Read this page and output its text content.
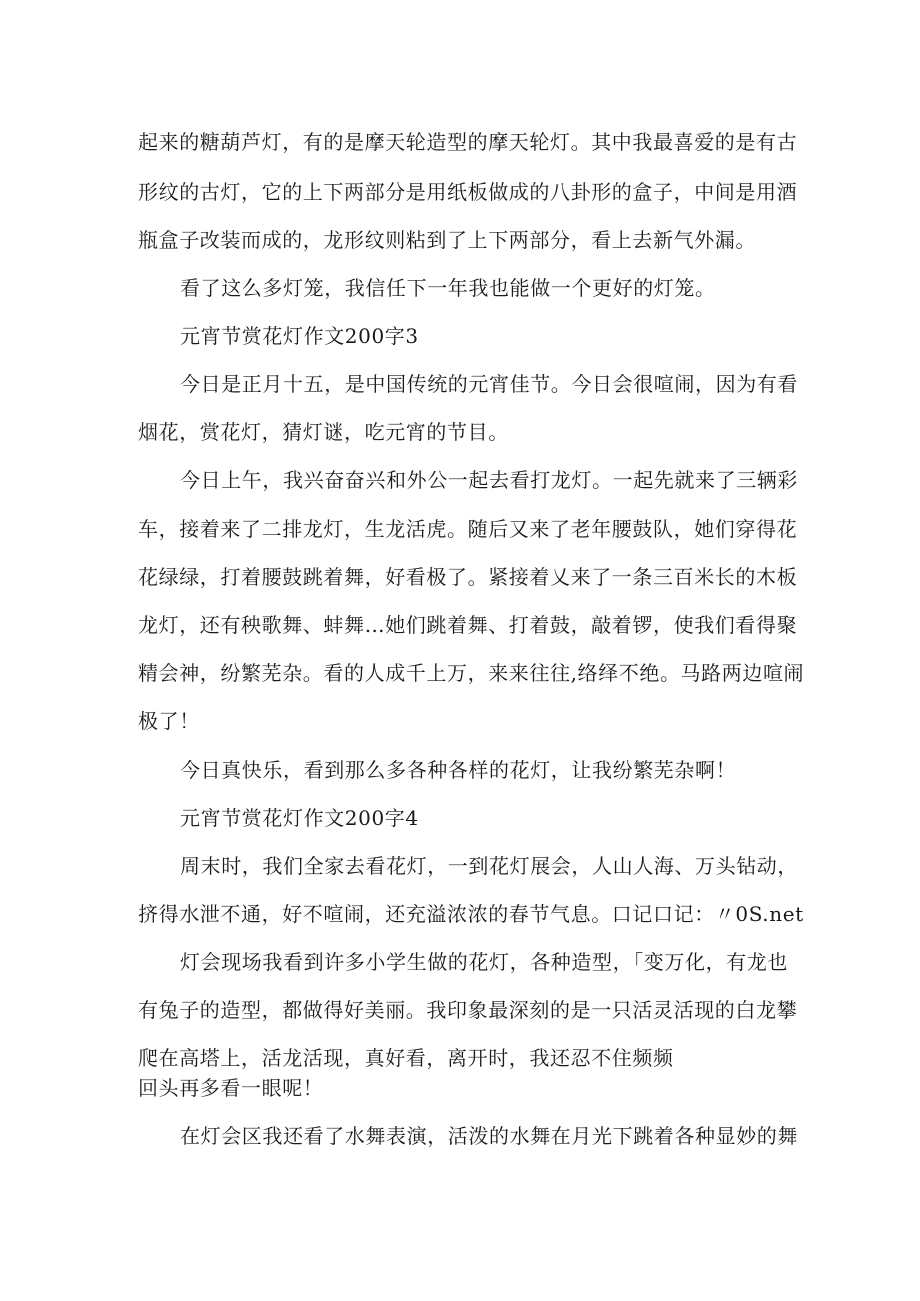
起来的糖葫芦灯，有的是摩天轮造型的摩天轮灯。其中我最喜爱的是有古
形纹的古灯，它的上下两部分是用纸板做成的八卦形的盒子，中间是用酒
瓶盒子改装而成的，龙形纹则粘到了上下两部分，看上去新气外漏。
看了这么多灯笼，我信任下一年我也能做一个更好的灯笼。
元宵节赏花灯作文200字3
今日是正月十五，是中国传统的元宵佳节。今日会很喧闹，因为有看
烟花，赏花灯，猜灯谜，吃元宵的节目。
今日上午，我兴奋奋兴和外公一起去看打龙灯。一起先就来了三辆彩
车，接着来了二排龙灯，生龙活虎。随后又来了老年腰鼓队，她们穿得花
花绿绿，打着腰鼓跳着舞，好看极了。紧接着乂来了一条三百米长的木板
龙灯，还有秧歌舞、蚌舞…她们跳着舞、打着鼓，敲着锣，使我们看得聚
精会神，纷繁芜杂。看的人成千上万，来来往往,络绎不绝。马路两边喧闹
极了！
今日真快乐，看到那么多各种各样的花灯，让我纷繁芜杂啊！
元宵节赏花灯作文200字4
周末时，我们全家去看花灯，一到花灯展会，人山人海、万头钻动，
挤得水泄不通，好不喧闹，还充溢浓浓的春节气息。口记口记：〃0S.net
灯会现场我看到许多小学生做的花灯，各种造型，「变万化，有龙也
有兔子的造型，都做得好美丽。我印象最深刻的是一只活灵活现的白龙攀
爬在高塔上，活龙活现，真好看，离开时，我还忍不住频频
回头再多看一眼呢！
在灯会区我还看了水舞表演，活泼的水舞在月光下跳着各种显妙的舞
